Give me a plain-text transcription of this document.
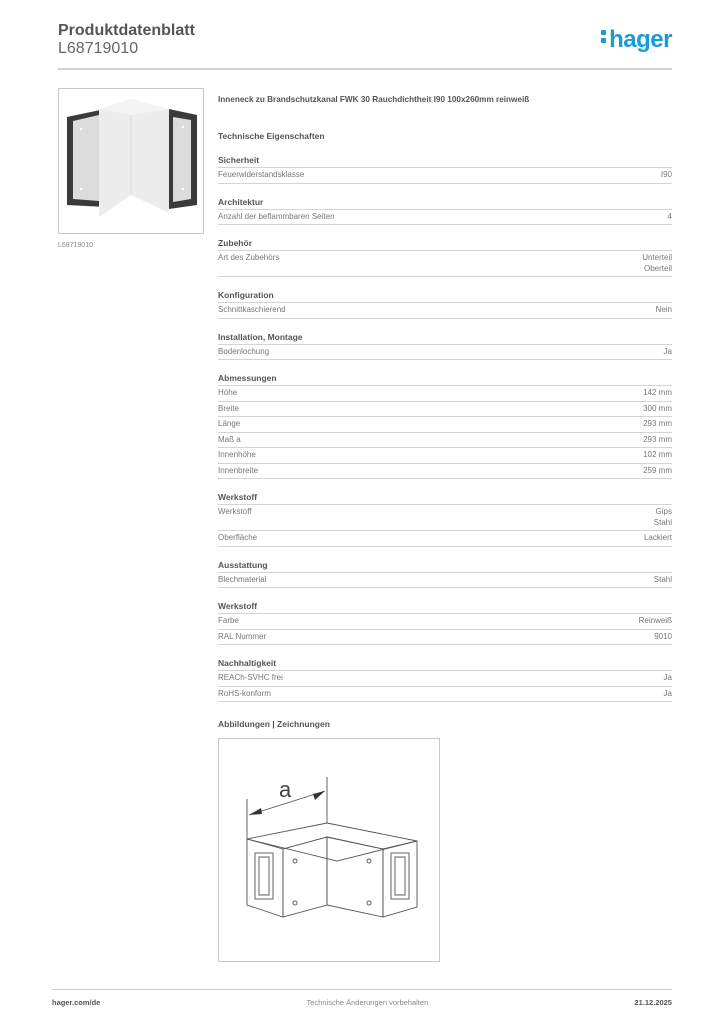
Produktdatenblatt
L68719010	hager
L68719010
Inneneck zu Brandschutzkanal FWK 30 Rauchdichtheit I90 100x260mm reinweiß
Technische Eigenschaften
Sicherheit
Feuerwiderstandsklasse	I90
Architektur
Anzahl der beflammbaren Seiten	4
Zubehör
Art des Zubehörs	Unterteil
Oberteil
Konfiguration
Schnittkaschierend	Nein
Installation, Montage
Bodenlochung	Ja
Abmessungen
Höhe	142 mm
Breite	300 mm
Länge	293 mm
Maß a	293 mm
Innenhöhe	102 mm
Innenbreite	259 mm
Werkstoff
Werkstoff	Gips
Stahl
Oberfläche	Lackiert
Ausstattung
Blechmaterial	Stahl
Werkstoff
Farbe	Reinweiß
RAL Nummer	9010
Nachhaltigkeit
REACh-SVHC frei	Ja
RoHS-konform	Ja
Abbildungen | Zeichnungen
a
hager.com/de	Technische Änderungen vorbehalten	21.12.2025
